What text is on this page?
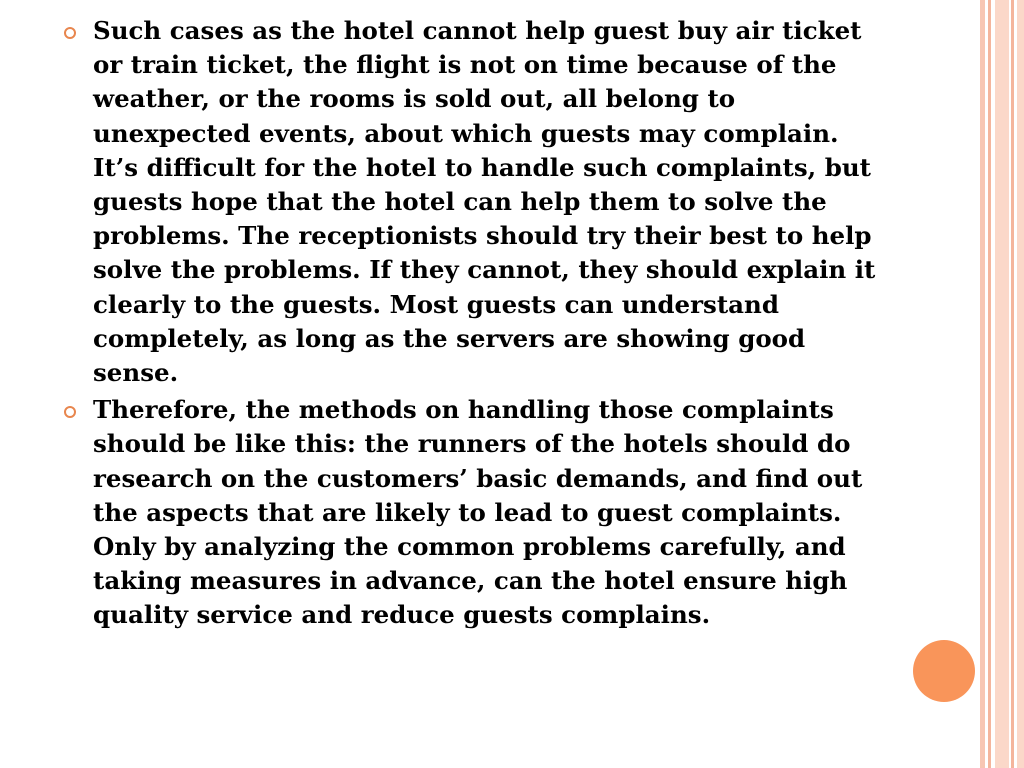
Such cases as the hotel cannot help guest buy air ticket or train ticket, the flight is not on time because of the weather, or the rooms is sold out, all belong to unexpected events, about which guests may complain. It’s difficult for the hotel to handle such complaints, but guests hope that the hotel can help them to solve the problems. The receptionists should try their best to help solve the problems. If they cannot, they should explain it clearly to the guests. Most guests can understand completely, as long as the servers are showing good sense.
Therefore, the methods on handling those complaints should be like this: the runners of the hotels should do research on the customers’ basic demands, and find out the aspects that are likely to lead to guest complaints. Only by analyzing the common problems carefully, and taking measures in advance, can the hotel ensure high quality service and reduce guests complains.
